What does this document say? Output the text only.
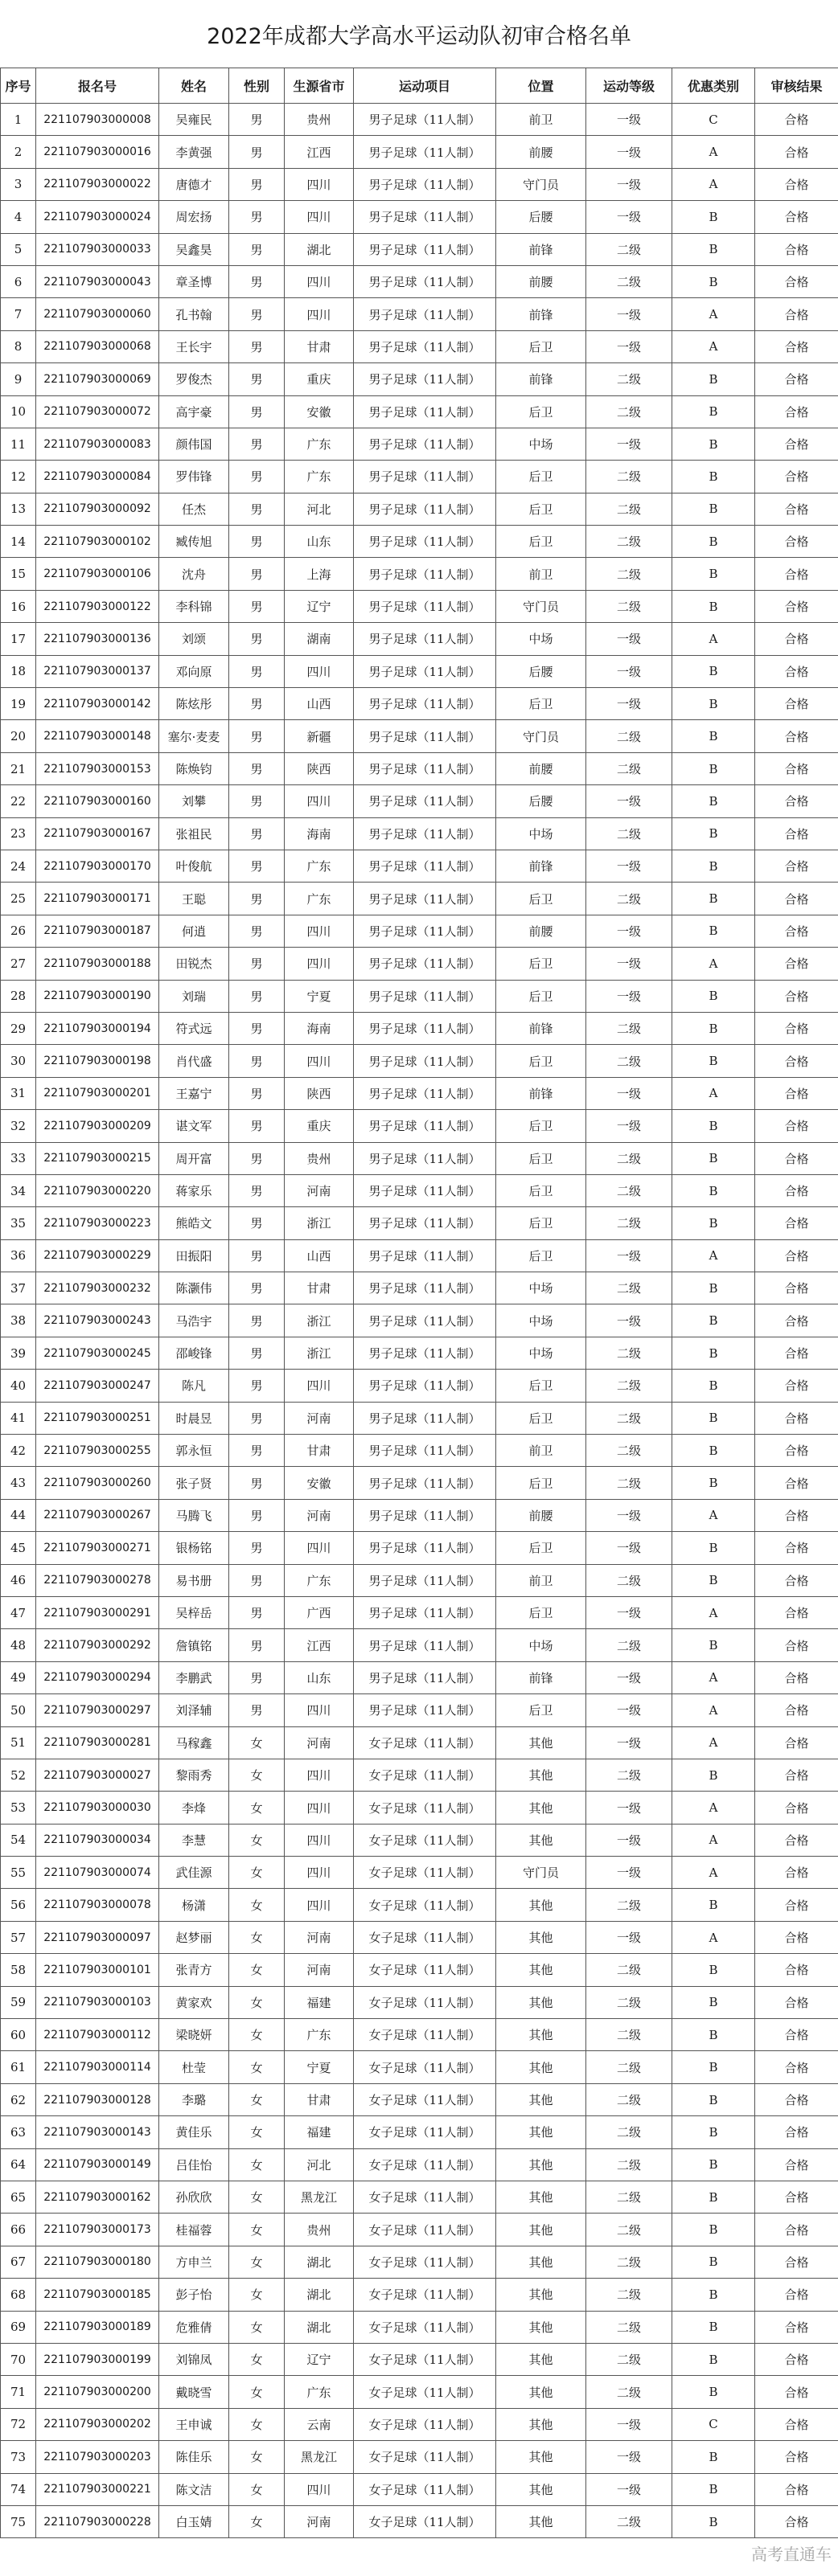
2022年成都大学高水平运动队初审合格名单
序号	报名号	姓名	性别	生源省市	运动项目	位置	运动等级	优惠类别	审核结果
1	221107903000008	吴雍民	男	贵州	男子足球（11人制）	前卫	一级	C	合格
2	221107903000016	李黄强	男	江西	男子足球（11人制）	前腰	一级	A	合格
3	221107903000022	唐德才	男	四川	男子足球（11人制）	守门员	一级	A	合格
4	221107903000024	周宏扬	男	四川	男子足球（11人制）	后腰	一级	B	合格
5	221107903000033	吴鑫昊	男	湖北	男子足球（11人制）	前锋	二级	B	合格
6	221107903000043	章圣博	男	四川	男子足球（11人制）	前腰	二级	B	合格
7	221107903000060	孔书翰	男	四川	男子足球（11人制）	前锋	一级	A	合格
8	221107903000068	王长宇	男	甘肃	男子足球（11人制）	后卫	一级	A	合格
9	221107903000069	罗俊杰	男	重庆	男子足球（11人制）	前锋	二级	B	合格
10	221107903000072	高宇豪	男	安徽	男子足球（11人制）	后卫	二级	B	合格
11	221107903000083	颜伟国	男	广东	男子足球（11人制）	中场	一级	B	合格
12	221107903000084	罗伟锋	男	广东	男子足球（11人制）	后卫	二级	B	合格
13	221107903000092	任杰	男	河北	男子足球（11人制）	后卫	二级	B	合格
14	221107903000102	臧传旭	男	山东	男子足球（11人制）	后卫	二级	B	合格
15	221107903000106	沈舟	男	上海	男子足球（11人制）	前卫	二级	B	合格
16	221107903000122	李科锦	男	辽宁	男子足球（11人制）	守门员	二级	B	合格
17	221107903000136	刘颂	男	湖南	男子足球（11人制）	中场	一级	A	合格
18	221107903000137	邓向原	男	四川	男子足球（11人制）	后腰	一级	B	合格
19	221107903000142	陈炫彤	男	山西	男子足球（11人制）	后卫	一级	B	合格
20	221107903000148	塞尔·麦麦	男	新疆	男子足球（11人制）	守门员	二级	B	合格
21	221107903000153	陈焕钧	男	陕西	男子足球（11人制）	前腰	二级	B	合格
22	221107903000160	刘攀	男	四川	男子足球（11人制）	后腰	一级	B	合格
23	221107903000167	张祖民	男	海南	男子足球（11人制）	中场	二级	B	合格
24	221107903000170	叶俊航	男	广东	男子足球（11人制）	前锋	一级	B	合格
25	221107903000171	王聪	男	广东	男子足球（11人制）	后卫	二级	B	合格
26	221107903000187	何逍	男	四川	男子足球（11人制）	前腰	一级	B	合格
27	221107903000188	田锐杰	男	四川	男子足球（11人制）	后卫	一级	A	合格
28	221107903000190	刘瑞	男	宁夏	男子足球（11人制）	后卫	一级	B	合格
29	221107903000194	符式远	男	海南	男子足球（11人制）	前锋	二级	B	合格
30	221107903000198	肖代盛	男	四川	男子足球（11人制）	后卫	二级	B	合格
31	221107903000201	王嘉宁	男	陕西	男子足球（11人制）	前锋	一级	A	合格
32	221107903000209	谌文军	男	重庆	男子足球（11人制）	后卫	一级	B	合格
33	221107903000215	周开富	男	贵州	男子足球（11人制）	后卫	二级	B	合格
34	221107903000220	蒋家乐	男	河南	男子足球（11人制）	后卫	二级	B	合格
35	221107903000223	熊皓文	男	浙江	男子足球（11人制）	后卫	二级	B	合格
36	221107903000229	田振阳	男	山西	男子足球（11人制）	后卫	一级	A	合格
37	221107903000232	陈灏伟	男	甘肃	男子足球（11人制）	中场	二级	B	合格
38	221107903000243	马浩宇	男	浙江	男子足球（11人制）	中场	一级	B	合格
39	221107903000245	邵峻锋	男	浙江	男子足球（11人制）	中场	二级	B	合格
40	221107903000247	陈凡	男	四川	男子足球（11人制）	后卫	二级	B	合格
41	221107903000251	时晨昱	男	河南	男子足球（11人制）	后卫	二级	B	合格
42	221107903000255	郭永恒	男	甘肃	男子足球（11人制）	前卫	二级	B	合格
43	221107903000260	张子贤	男	安徽	男子足球（11人制）	后卫	二级	B	合格
44	221107903000267	马腾飞	男	河南	男子足球（11人制）	前腰	一级	A	合格
45	221107903000271	银杨铭	男	四川	男子足球（11人制）	后卫	一级	B	合格
46	221107903000278	易书册	男	广东	男子足球（11人制）	前卫	二级	B	合格
47	221107903000291	吴梓岳	男	广西	男子足球（11人制）	后卫	一级	A	合格
48	221107903000292	詹镇铭	男	江西	男子足球（11人制）	中场	二级	B	合格
49	221107903000294	李鹏武	男	山东	男子足球（11人制）	前锋	一级	A	合格
50	221107903000297	刘泽辅	男	四川	男子足球（11人制）	后卫	一级	A	合格
51	221107903000281	马稼鑫	女	河南	女子足球（11人制）	其他	一级	A	合格
52	221107903000027	黎雨秀	女	四川	女子足球（11人制）	其他	二级	B	合格
53	221107903000030	李烽	女	四川	女子足球（11人制）	其他	一级	A	合格
54	221107903000034	李慧	女	四川	女子足球（11人制）	其他	一级	A	合格
55	221107903000074	武佳源	女	四川	女子足球（11人制）	守门员	一级	A	合格
56	221107903000078	杨潇	女	四川	女子足球（11人制）	其他	二级	B	合格
57	221107903000097	赵梦丽	女	河南	女子足球（11人制）	其他	一级	A	合格
58	221107903000101	张青方	女	河南	女子足球（11人制）	其他	二级	B	合格
59	221107903000103	黄家欢	女	福建	女子足球（11人制）	其他	二级	B	合格
60	221107903000112	梁晓妍	女	广东	女子足球（11人制）	其他	二级	B	合格
61	221107903000114	杜莹	女	宁夏	女子足球（11人制）	其他	二级	B	合格
62	221107903000128	李璐	女	甘肃	女子足球（11人制）	其他	二级	B	合格
63	221107903000143	黄佳乐	女	福建	女子足球（11人制）	其他	二级	B	合格
64	221107903000149	吕佳怡	女	河北	女子足球（11人制）	其他	二级	B	合格
65	221107903000162	孙欣欣	女	黑龙江	女子足球（11人制）	其他	二级	B	合格
66	221107903000173	桂福蓉	女	贵州	女子足球（11人制）	其他	二级	B	合格
67	221107903000180	方申兰	女	湖北	女子足球（11人制）	其他	二级	B	合格
68	221107903000185	彭子怡	女	湖北	女子足球（11人制）	其他	二级	B	合格
69	221107903000189	危雅倩	女	湖北	女子足球（11人制）	其他	二级	B	合格
70	221107903000199	刘锦凤	女	辽宁	女子足球（11人制）	其他	二级	B	合格
71	221107903000200	戴晓雪	女	广东	女子足球（11人制）	其他	二级	B	合格
72	221107903000202	王申诚	女	云南	女子足球（11人制）	其他	一级	C	合格
73	221107903000203	陈佳乐	女	黑龙江	女子足球（11人制）	其他	一级	B	合格
74	221107903000221	陈文洁	女	四川	女子足球（11人制）	其他	一级	B	合格
75	221107903000228	白玉婧	女	河南	女子足球（11人制）	其他	二级	B	合格
高考直通车
